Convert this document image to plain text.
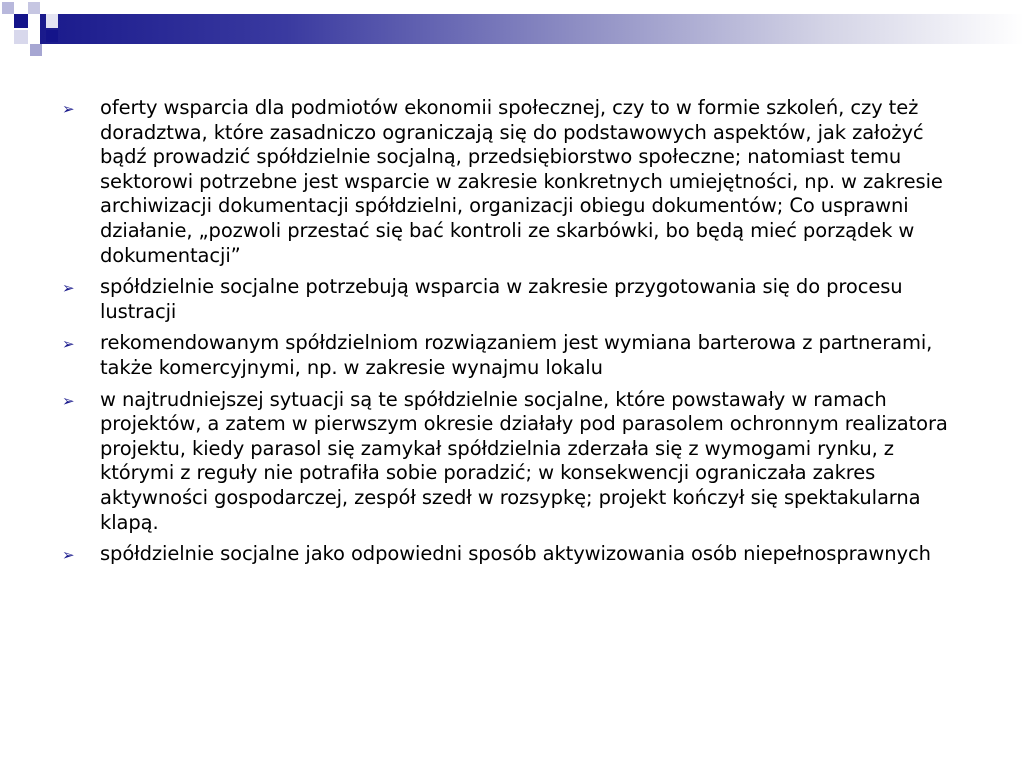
➢ oferty wsparcia dla podmiotów ekonomii społecznej, czy to w formie szkoleń, czy też doradztwa, które zasadniczo ograniczają się do podstawowych aspektów, jak założyć bądź prowadzić spółdzielnie socjalną, przedsiębiorstwo społeczne; natomiast temu sektorowi potrzebne jest wsparcie w zakresie konkretnych umiejętności, np. w zakresie archiwizacji dokumentacji spółdzielni, organizacji obiegu dokumentów; Co usprawni działanie, „pozwoli przestać się bać kontroli ze skarbówki, bo będą mieć porządek w dokumentacji”
➢ spółdzielnie socjalne potrzebują wsparcia w zakresie przygotowania się do procesu lustracji
➢ rekomendowanym spółdzielniom rozwiązaniem jest wymiana barterowa z partnerami, także komercyjnymi, np. w zakresie wynajmu lokalu
➢ w najtrudniejszej sytuacji są te spółdzielnie socjalne, które powstawały w ramach projektów, a zatem w pierwszym okresie działały pod parasolem ochronnym realizatora projektu, kiedy parasol się zamykał spółdzielnia zderzała się z wymogami rynku, z którymi z reguły nie potrafiła sobie poradzić; w konsekwencji ograniczała zakres aktywności gospodarczej, zespół szedł w rozsypkę; projekt kończył się spektakularna klapą.
➢ spółdzielnie socjalne jako odpowiedni sposób aktywizowania osób niepełnosprawnych
